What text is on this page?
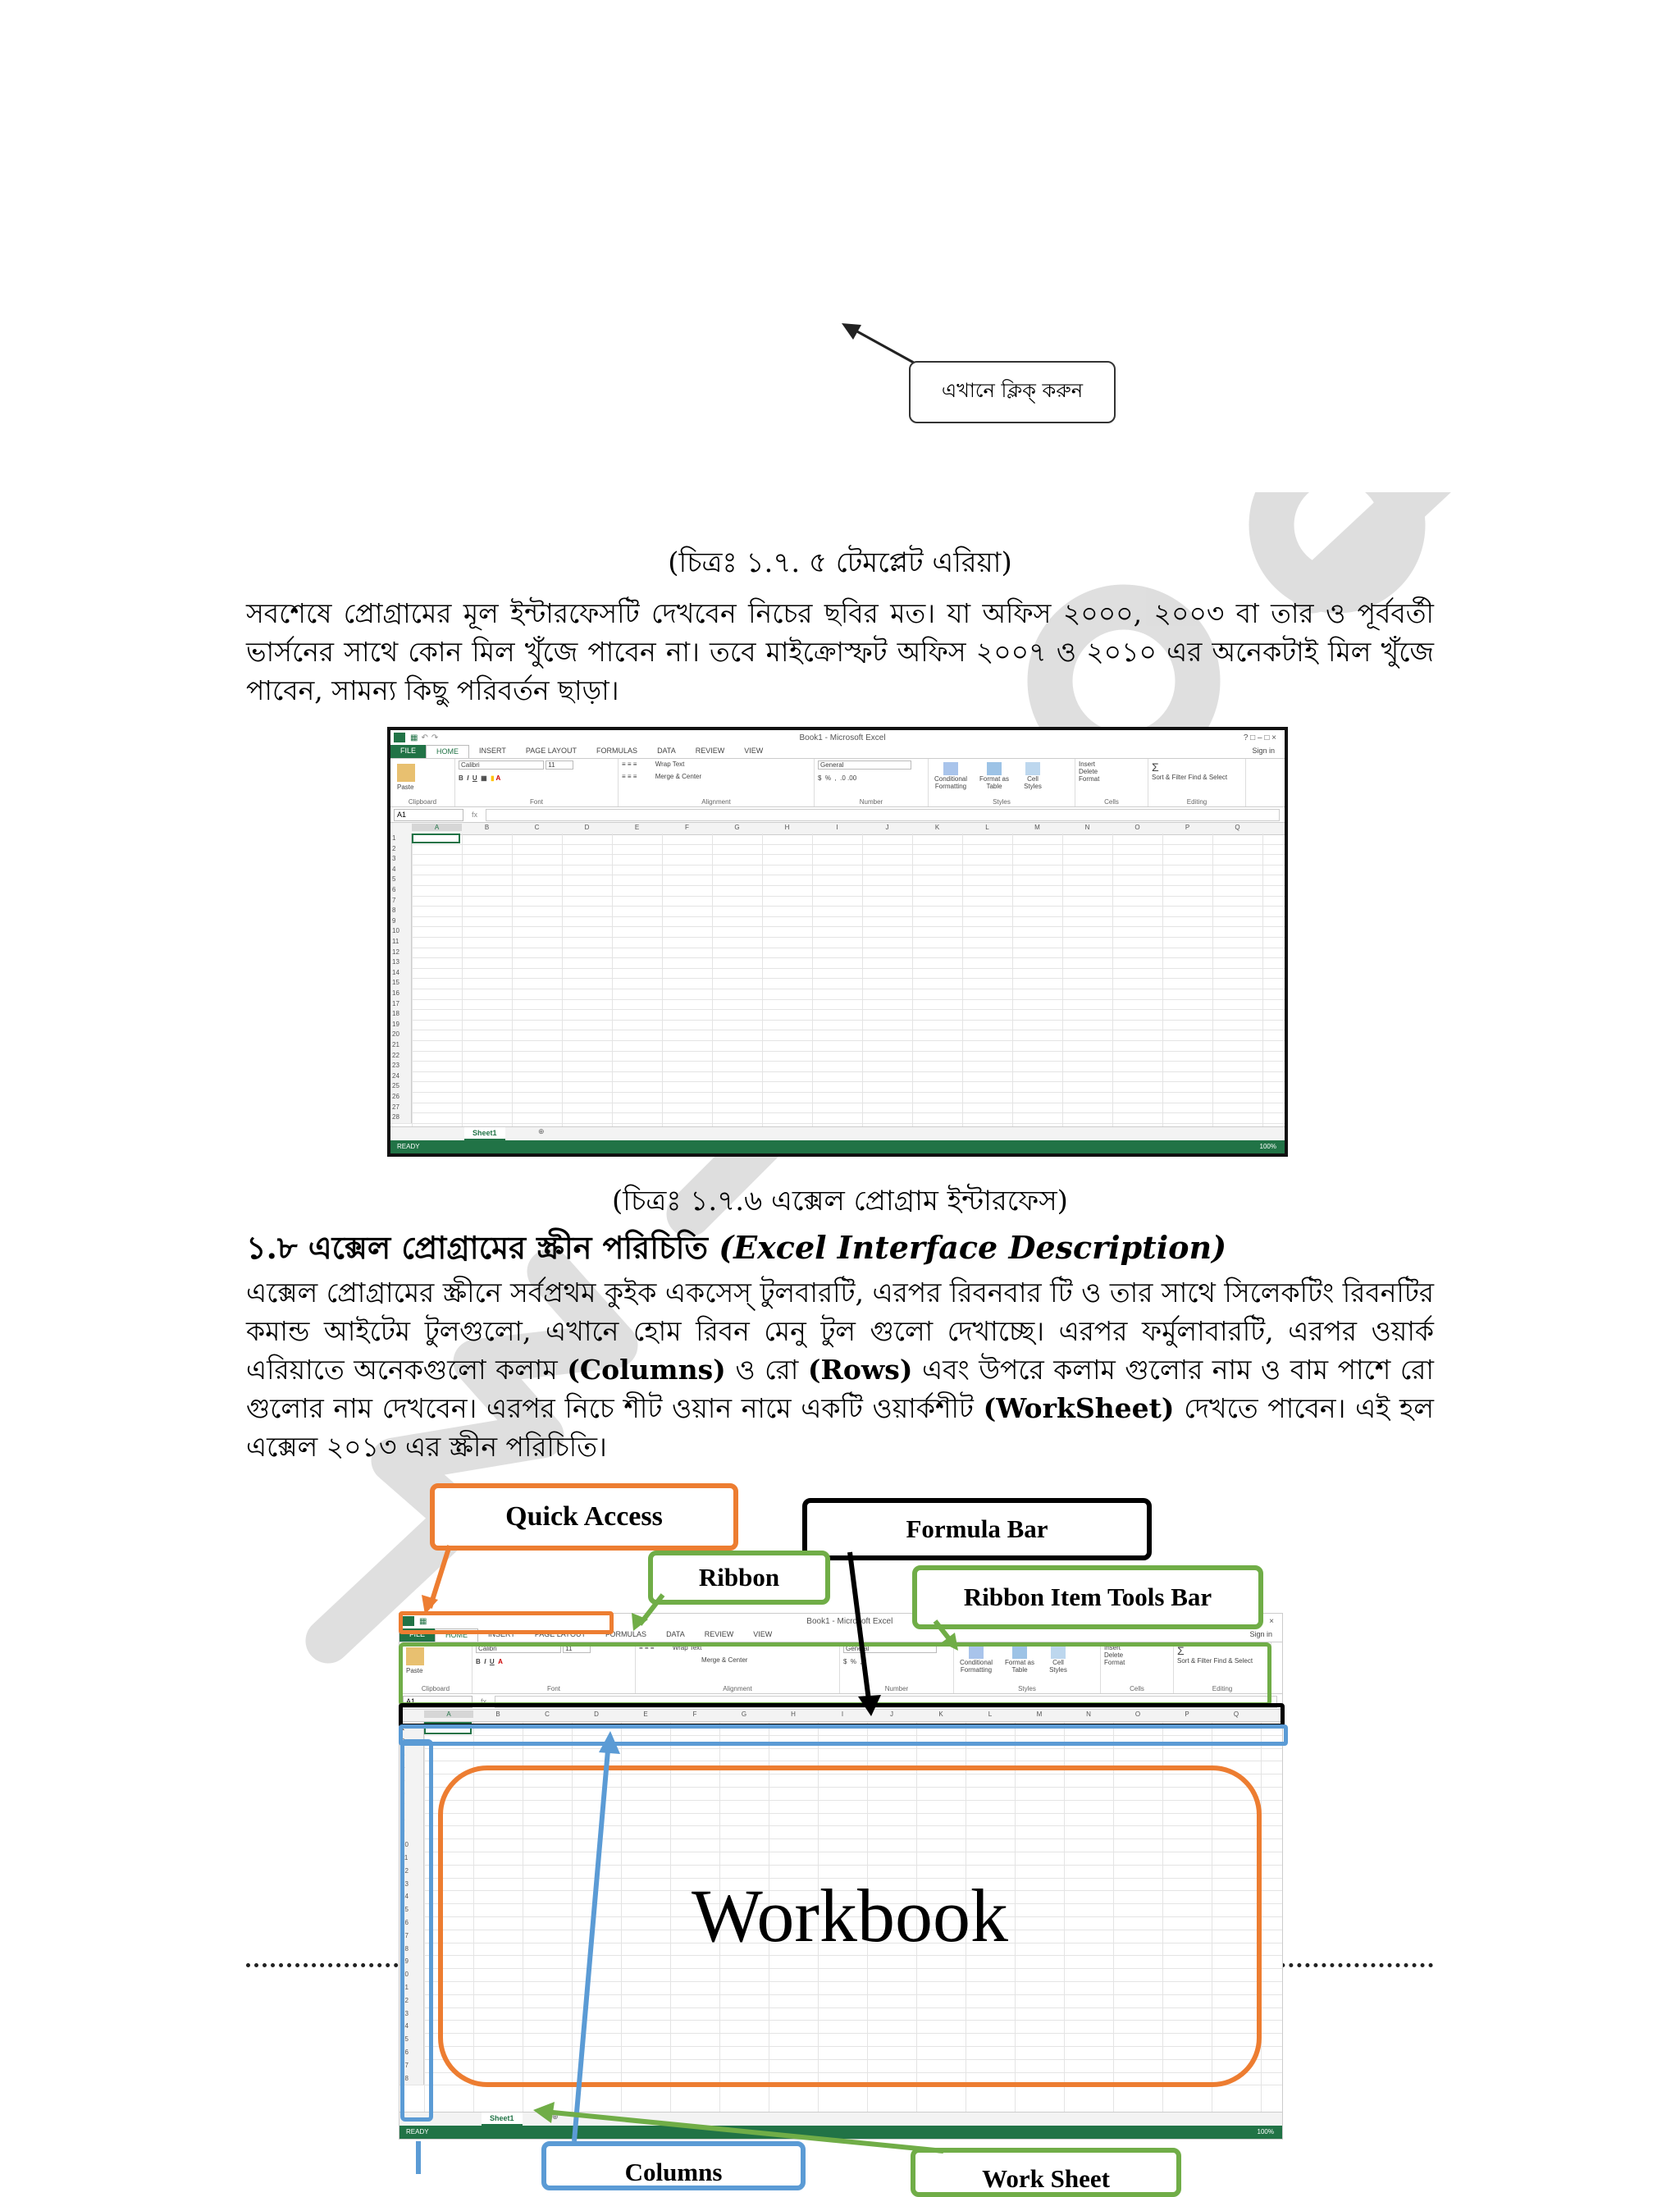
এখানে ক্লিক্‌ করুন
(চিত্রঃ ১.৭. ৫ টেমপ্লেট এরিয়া)
সবশেষে প্রোগ্রামের মূল ইন্টারফেসটি দেখবেন নিচের ছবির মত। যা অফিস ২০০০, ২০০৩ বা তার ও পূর্ববর্তী ভার্সনের সাথে কোন মিল খুঁজে পাবেন না। তবে মাইক্রোস্ফট অফিস ২০০৭ ও ২০১০ এর অনেকটাই মিল খুঁজে পাবেন, সামন্য কিছু পরিবর্তন ছাড়া।
▦ ↶ ↷	Book1 - Microsoft Excel	? □ – □ ×
FILE	HOME	INSERT	PAGE LAYOUT	FORMULAS	DATA	REVIEW	VIEW	Sign in
Paste
Clipboard
Calibri	11
B  I U  ▦  ▮ A
Font
≡ ≡ ≡	Wrap Text
≡ ≡ ≡	Merge & Center
Alignment
General
$  %  ,  .0 .00
Number
Conditional Formatting
Format as Table
Cell Styles
Styles
Insert
Delete
Format
Cells
Σ
Sort & Filter Find & Select
Editing
A1	fx
A	B	C	D	E	F	G	H	I	J	K	L	M	N	O	P	Q
1
2
3
4
5
6
7
8
9
10
11
12
13
14
15
16
17
18
19
20
21
22
23
24
25
26
27
28
Sheet1	⊕
READY	100%
(চিত্রঃ ১.৭.৬ এক্সেল প্রোগ্রাম ইন্টারফেস)
১.৮ এক্সেল প্রোগ্রামের স্ক্রীন পরিচিতি (Excel Interface Description)
এক্সেল প্রোগ্রামের স্ক্রীনে সর্বপ্রথম কুইক একসেস্‌ টুলবারটি, এরপর রিবনবার টি ও তার সাথে সিলেকটিং রিবনটির কমান্ড আইটেম টুলগুলো, এখানে হোম রিবন মেনু টুল গুলো দেখাচ্ছে। এরপর ফর্মুলাবারটি, এরপর ওয়ার্ক এরিয়াতে অনেকগুলো কলাম (Columns) ও রো (Rows) এবং উপরে কলাম গুলোর নাম ও বাম পাশে রো গুলোর নাম দেখবেন। এরপর নিচে শীট ওয়ান নামে একটি ওয়ার্কশীট (WorkSheet) দেখতে পাবেন। এই হল এক্সেল ২০১৩ এর স্ক্রীন পরিচিতি।
▦	Book1 - Microsoft Excel	×
FILE	HOME	INSERT	PAGE LAYOUT	FORMULAS	DATA	REVIEW	VIEW	Sign in
Paste
Clipboard
Calibri	11
B  I U A
Font
≡ ≡ ≡	Wrap Text
Merge & Center
Alignment
General
$  %  ,
Number
Conditional Formatting
Format as Table
Cell Styles
Styles
Insert
Delete
Format
Cells
Σ
Sort & Filter Find & Select
Editing
A1	fx
A	B	C	D	E	F	G	H	I	J	K	L	M	N	O	P	Q
1
2
3
4
5
6
7
8
9
10
11
12
13
14
15
16
17
18
19
20
21
22
23
24
25
26
27
28
Sheet1	⊕
READY	100%
Workbook
Quick Access	Formula Bar
Ribbon
Ribbon Item Tools Bar
Columns	Work Sheet
